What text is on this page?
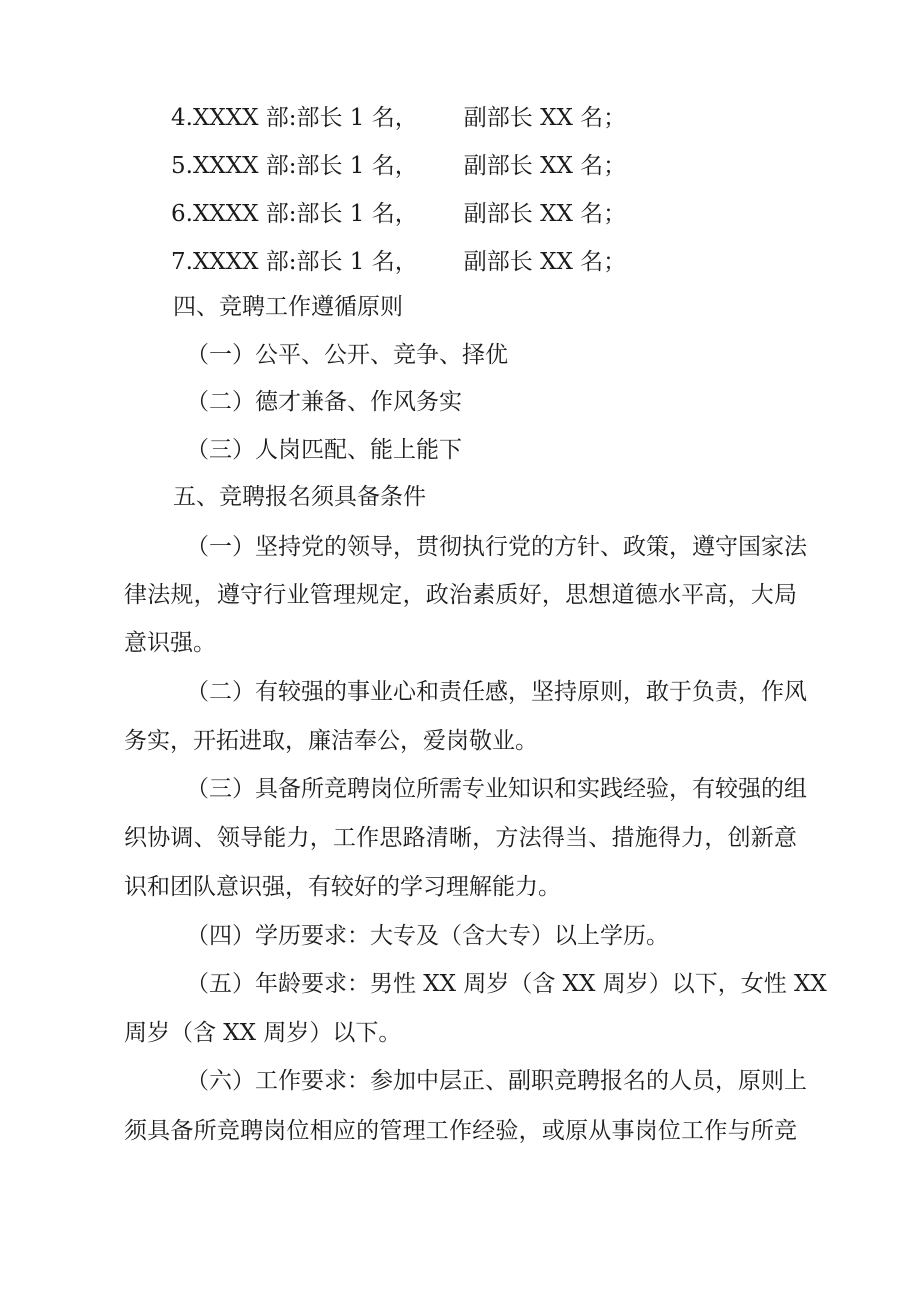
4.XXXX 部:部长 1 名， 副部长 XX 名；
5.XXXX 部:部长 1 名， 副部长 XX 名；
6.XXXX 部:部长 1 名， 副部长 XX 名；
7.XXXX 部:部长 1 名， 副部长 XX 名；
四、竞聘工作遵循原则
（一）公平、公开、竞争、择优
（二）德才兼备、作风务实
（三）人岗匹配、能上能下
五、竞聘报名须具备条件
（一）坚持党的领导，贯彻执行党的方针、政策，遵守国家法
律法规，遵守行业管理规定，政治素质好，思想道德水平高，大局
意识强。
（二）有较强的事业心和责任感，坚持原则，敢于负责，作风
务实，开拓进取，廉洁奉公，爱岗敬业。
（三）具备所竞聘岗位所需专业知识和实践经验，有较强的组
织协调、领导能力，工作思路清晰，方法得当、措施得力，创新意
识和团队意识强，有较好的学习理解能力。
（四）学历要求：大专及（含大专）以上学历。
（五）年龄要求：男性 XX 周岁（含 XX 周岁）以下，女性 XX
周岁（含 XX 周岁）以下。
（六）工作要求：参加中层正、副职竞聘报名的人员，原则上
须具备所竞聘岗位相应的管理工作经验，或原从事岗位工作与所竞
